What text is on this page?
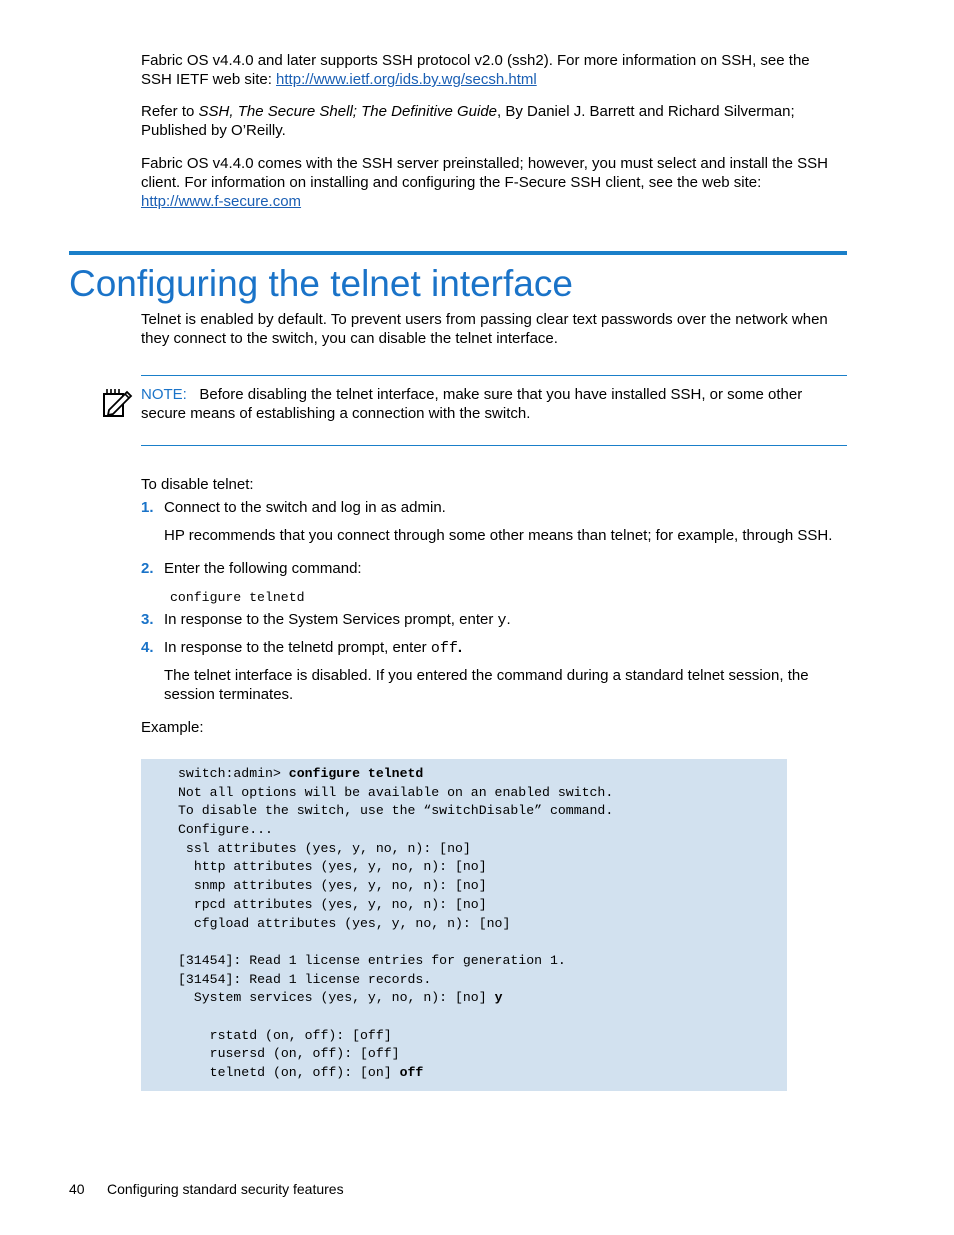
Fabric OS v4.4.0 and later supports SSH protocol v2.0 (ssh2). For more information on SSH, see the SSH IETF web site: http://www.ietf.org/ids.by.wg/secsh.html

Refer to SSH, The Secure Shell; The Definitive Guide, By Daniel J. Barrett and Richard Silverman; Published by O’Reilly.

Fabric OS v4.4.0 comes with the SSH server preinstalled; however, you must select and install the SSH client. For information on installing and configuring the F-Secure SSH client, see the web site:
http://www.f-secure.com

Configuring the telnet interface

Telnet is enabled by default. To prevent users from passing clear text passwords over the network when they connect to the switch, you can disable the telnet interface.

NOTE: Before disabling the telnet interface, make sure that you have installed SSH, or some other secure means of establishing a connection with the switch.

To disable telnet:

1. Connect to the switch and log in as admin.

HP recommends that you connect through some other means than telnet; for example, through SSH.

2. Enter the following command:
configure telnetd
3. In response to the System Services prompt, enter y.
4. In response to the telnetd prompt, enter off.

The telnet interface is disabled. If you entered the command during a standard telnet session, the session terminates.

Example:

switch:admin> configure telnetd
Not all options will be available on an enabled switch.
To disable the switch, use the “switchDisable” command.
Configure...
ssl attributes (yes, y, no, n): [no]
http attributes (yes, y, no, n): [no]
snmp attributes (yes, y, no, n): [no]
rpcd attributes (yes, y, no, n): [no]
cfgload attributes (yes, y, no, n): [no]
[31454]: Read 1 license entries for generation 1.
[31454]: Read 1 license records.
System services (yes, y, no, n): [no] y
rstatd (on, off): [off]
rusersd (on, off): [off]
telnetd (on, off): [on] off
40 Configuring standard security features
